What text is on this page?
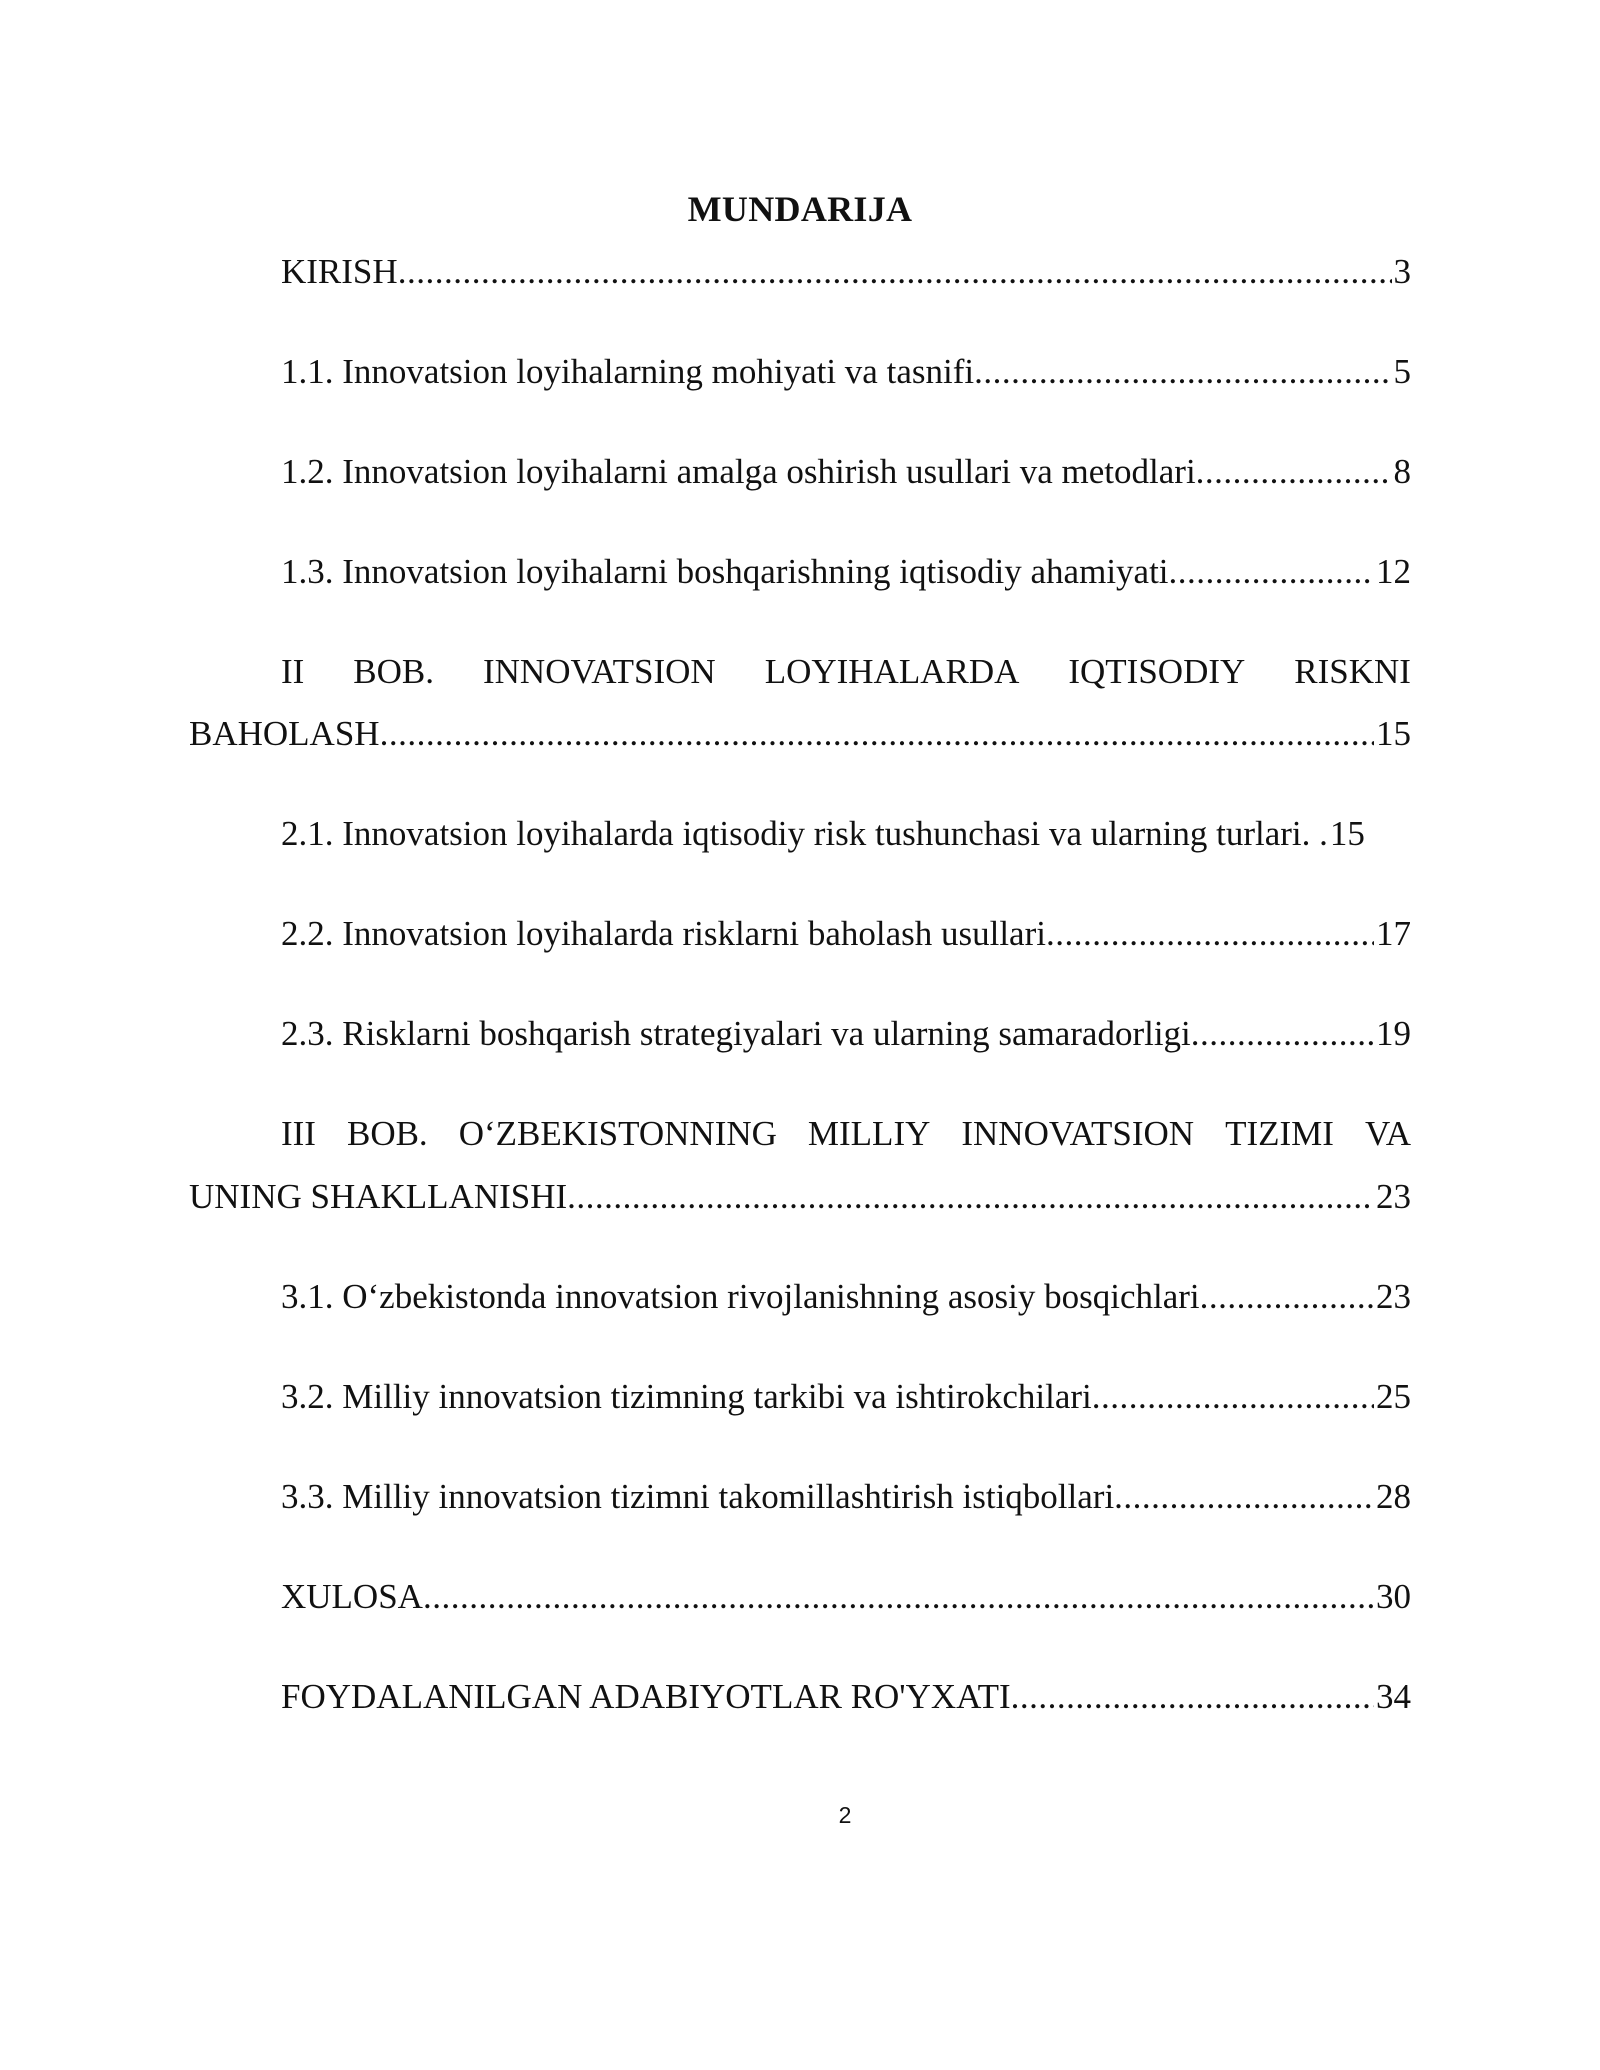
MUNDARIJA
KIRISH .....	3
1.1. Innovatsion loyihalarning mohiyati va tasnifi .....	5
1.2. Innovatsion loyihalarni amalga oshirish usullari va metodlari .....	8
1.3. Innovatsion loyihalarni boshqarishning iqtisodiy ahamiyati .....	12
II BOB. INNOVATSION LOYIHALARDA IQTISODIY RISKNI
BAHOLASH .....	15
2.1. Innovatsion loyihalarda iqtisodiy risk tushunchasi va ularning turlari. . 15
2.2. Innovatsion loyihalarda risklarni baholash usullari .....	17
2.3. Risklarni boshqarish strategiyalari va ularning samaradorligi .....	19
III BOB. O‘ZBEKISTONNING MILLIY INNOVATSION TIZIMI VA
UNING SHAKLLANISHI .....	23
3.1. O‘zbekistonda innovatsion rivojlanishning asosiy bosqichlari .....	23
3.2. Milliy innovatsion tizimning tarkibi va ishtirokchilari .....	25
3.3. Milliy innovatsion tizimni takomillashtirish istiqbollari .....	28
XULOSA .....	30
FOYDALANILGAN ADABIYOTLAR RO'YXATI .....	34
2
